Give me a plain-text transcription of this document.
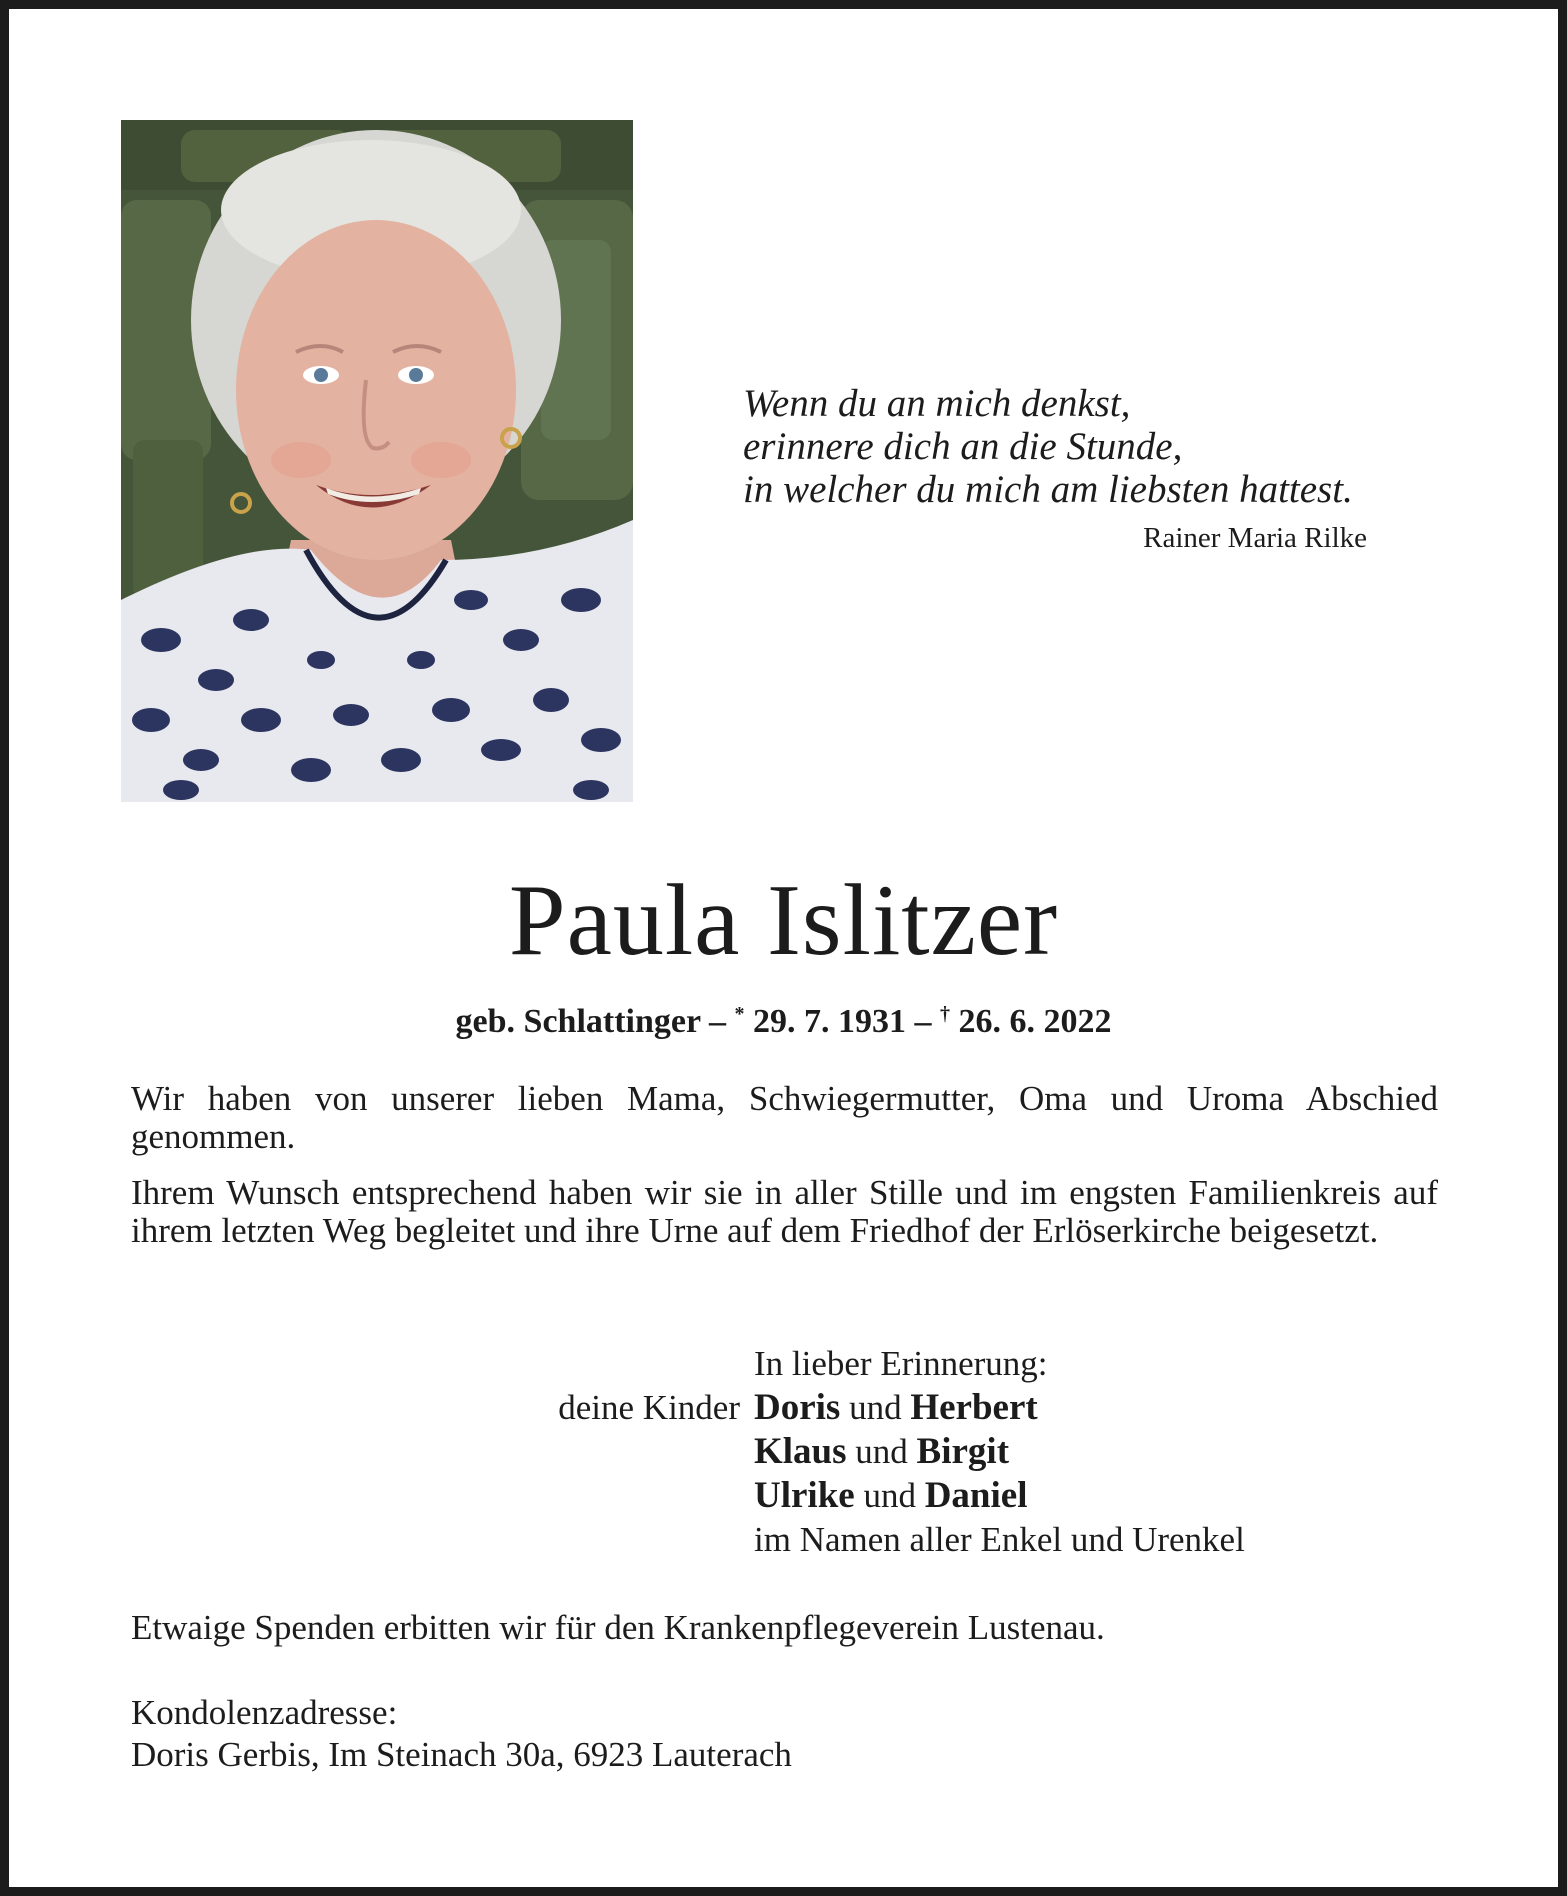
Wenn du an mich denkst,
erinnere dich an die Stunde,
in welcher du mich am liebsten hattest.
Rainer Maria Rilke
Paula Islitzer
geb. Schlattinger – * 29. 7. 1931 – † 26. 6. 2022
Wir haben von unserer lieben Mama, Schwiegermutter, Oma und Uroma Abschied genommen.
Ihrem Wunsch entsprechend haben wir sie in aller Stille und im engsten Familienkreis auf ihrem letzten Weg begleitet und ihre Urne auf dem Friedhof der Erlöserkirche beigesetzt.
In lieber Erinnerung:
deine Kinder Doris und Herbert
Klaus und Birgit
Ulrike und Daniel
im Namen aller Enkel und Urenkel
Etwaige Spenden erbitten wir für den Krankenpflegeverein Lustenau.
Kondolenzadresse:
Doris Gerbis, Im Steinach 30a, 6923 Lauterach
